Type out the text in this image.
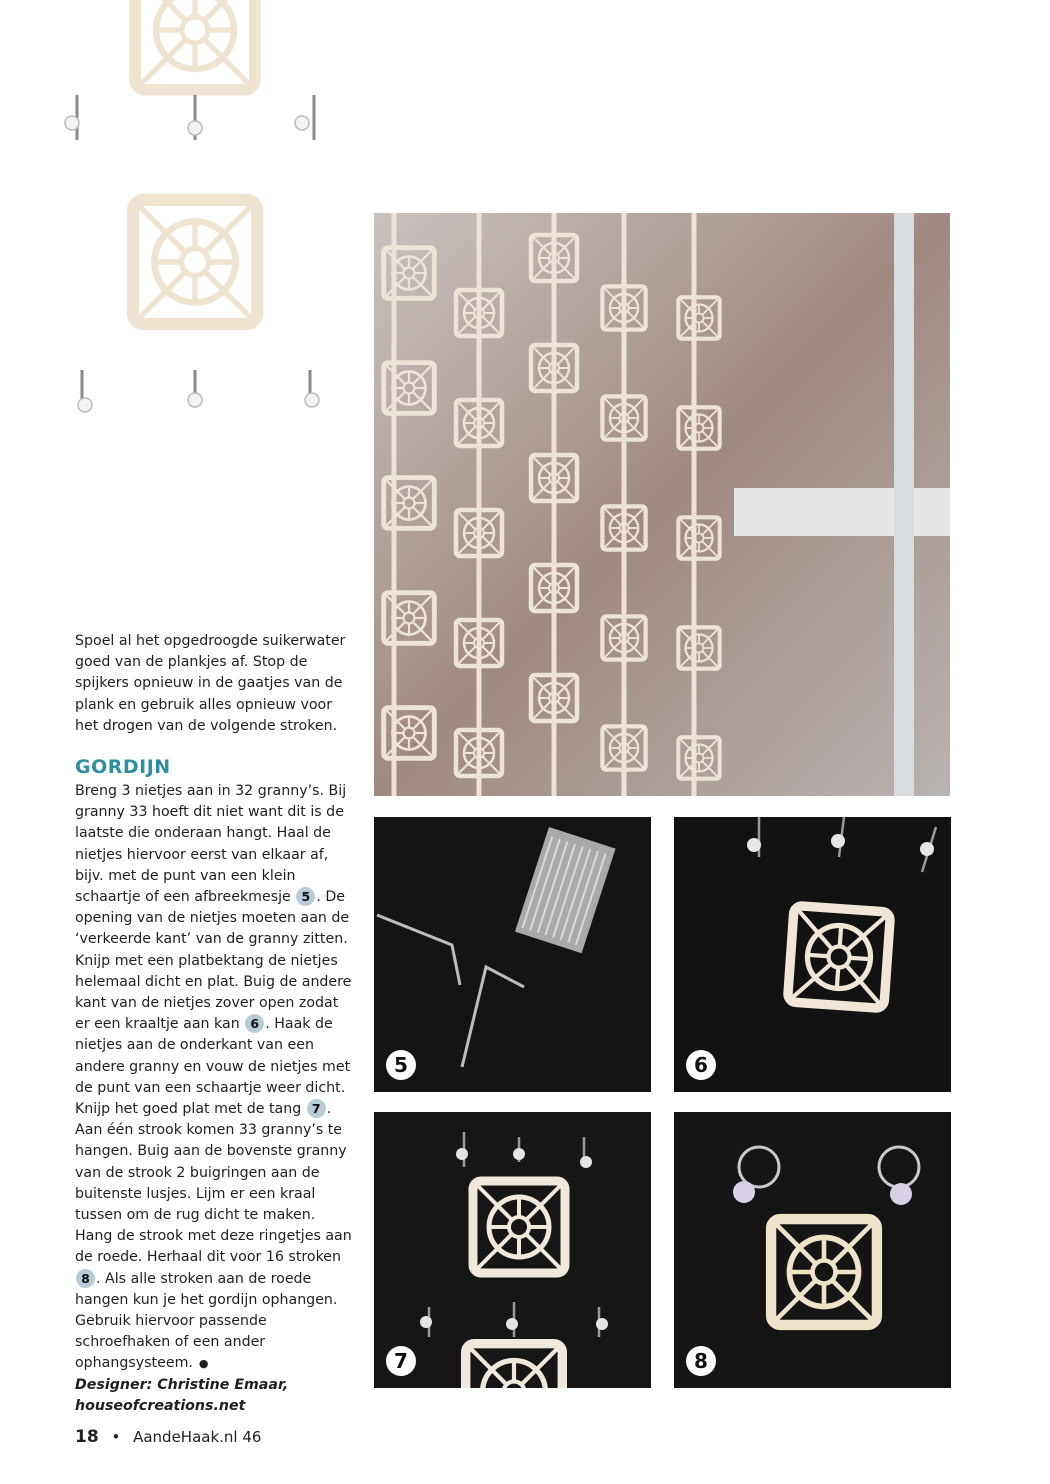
5	6
7	8

Spoel al het opgedroogde suikerwater goed van de plankjes af. Stop de spijkers opnieuw in de gaatjes van de plank en gebruik alles opnieuw voor het drogen van de volgende stroken.

GORDIJN

Breng 3 nietjes aan in 32 granny’s. Bij granny 33 hoeft dit niet want dit is de laatste die onderaan hangt. Haal de nietjes hiervoor eerst van elkaar af, bijv. met de punt van een klein schaartje of een afbreekmesje 5 . De opening van de nietjes moeten aan de ‘verkeerde kant’ van de granny zitten. Knijp met een platbektang de nietjes helemaal dicht en plat. Buig de andere kant van de nietjes zover open zodat er een kraaltje aan kan 6 . Haak de nietjes aan de onderkant van een andere granny en vouw de nietjes met de punt van een schaartje weer dicht. Knijp het goed plat met de tang 7 . Aan één strook komen 33 granny’s te hangen. Buig aan de bovenste granny van de strook 2 buigringen aan de buitenste lusjes. Lijm er een kraal tussen om de rug dicht te maken. Hang de strook met deze ringetjes aan de roede. Herhaal dit voor 16 stroken 8 . Als alle stroken aan de roede hangen kun je het gordijn ophangen. Gebruik hiervoor passende schroefhaken of een ander ophangsysteem. ●
Designer: Christine Emaar,
houseofcreations.net

18 • AandeHaak.nl 46
